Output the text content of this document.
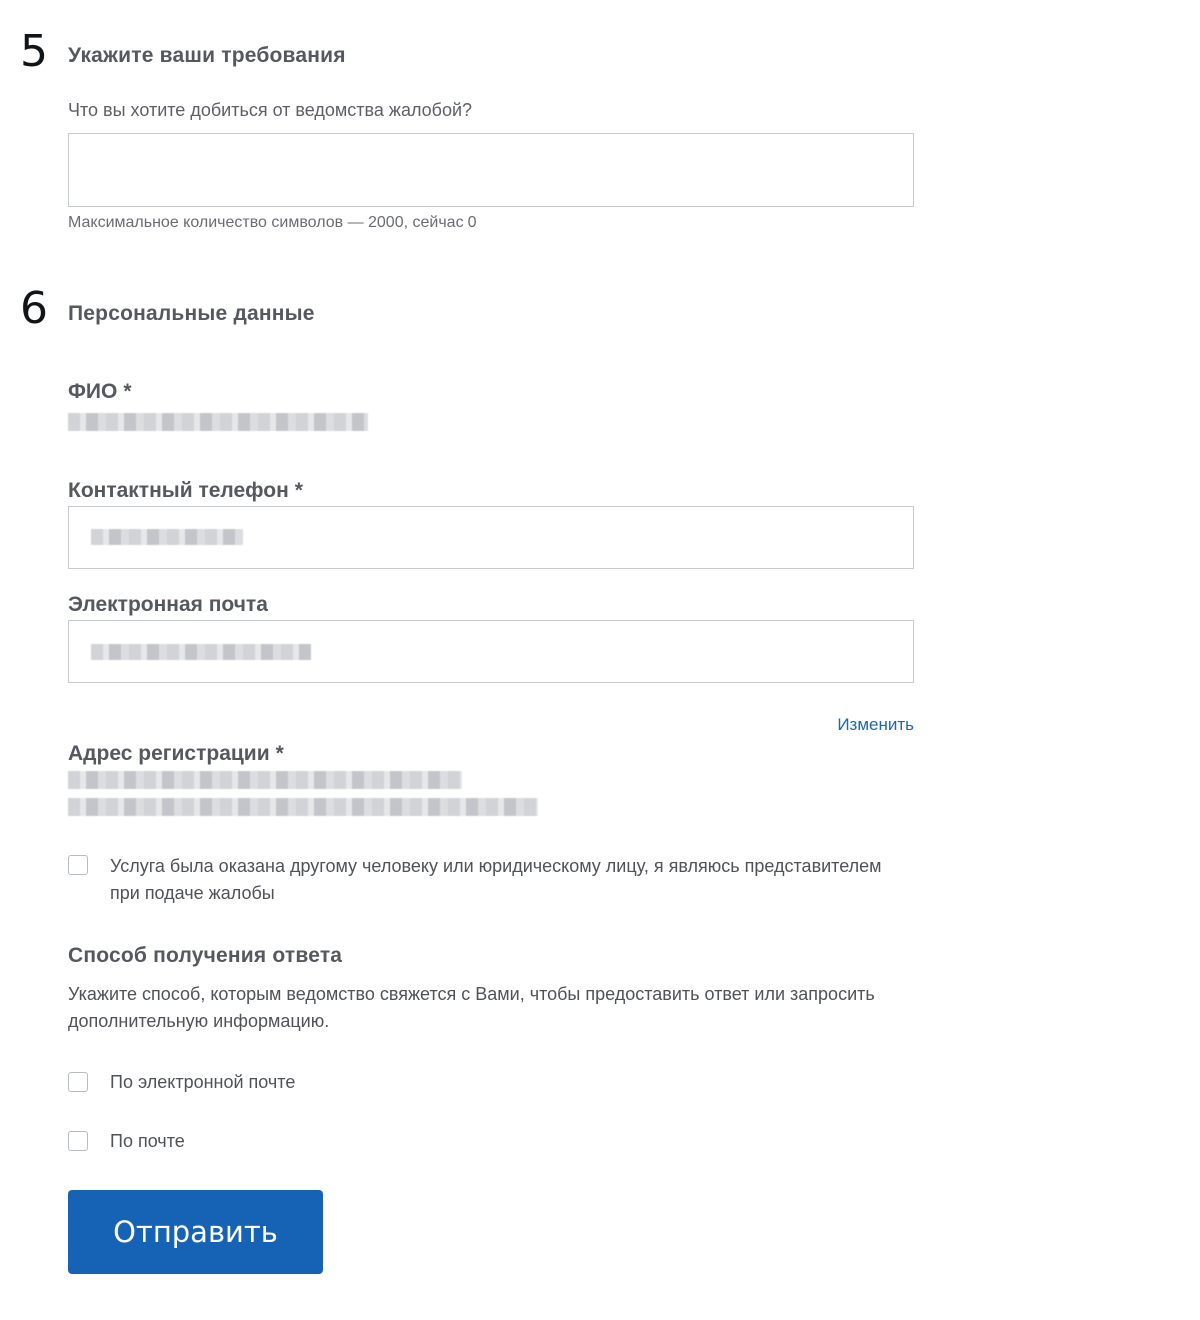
5 Укажите ваши требования
Что вы хотите добиться от ведомства жалобой?
Максимальное количество символов — 2000, сейчас 0
6 Персональные данные
ФИО *
Контактный телефон *
Электронная почта
Изменить
Адрес регистрации *
Услуга была оказана другому человеку или юридическому лицу, я являюсь представителем при подаче жалобы
Способ получения ответа
Укажите способ, которым ведомство свяжется с Вами, чтобы предоставить ответ или запросить дополнительную информацию.
По электронной почте
По почте
Отправить
